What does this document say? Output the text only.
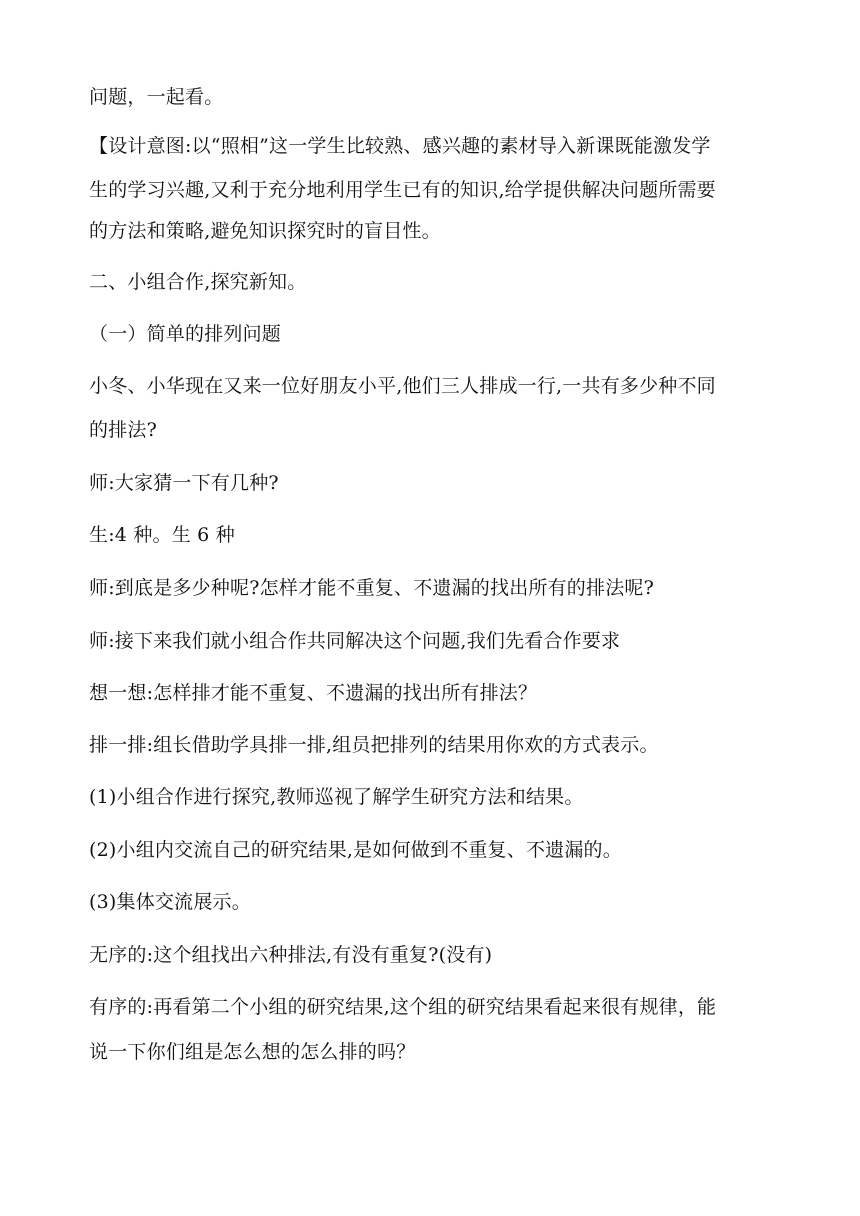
问题，一起看。
【设计意图:以“照相”这一学生比较熟、感兴趣的素材导入新课既能激发学
生的学习兴趣,又利于充分地利用学生已有的知识,给学提供解决问题所需要
的方法和策略,避免知识探究时的盲目性。
二、小组合作,探究新知。
（一）简单的排列问题
小冬、小华现在又来一位好朋友小平,他们三人排成一行,一共有多少种不同
的排法?
师:大家猜一下有几种?
生:4 种。生 6 种
师:到底是多少种呢?怎样才能不重复、不遗漏的找出所有的排法呢?
师:接下来我们就小组合作共同解决这个问题,我们先看合作要求
想一想:怎样排才能不重复、不遗漏的找出所有排法？
排一排:组长借助学具排一排,组员把排列的结果用你欢的方式表示。
(1)小组合作进行探究,教师巡视了解学生研究方法和结果。
(2)小组内交流自己的研究结果,是如何做到不重复、不遗漏的。
(3)集体交流展示。
无序的:这个组找出六种排法,有没有重复?(没有)
有序的:再看第二个小组的研究结果,这个组的研究结果看起来很有规律，能
说一下你们组是怎么想的怎么排的吗？
